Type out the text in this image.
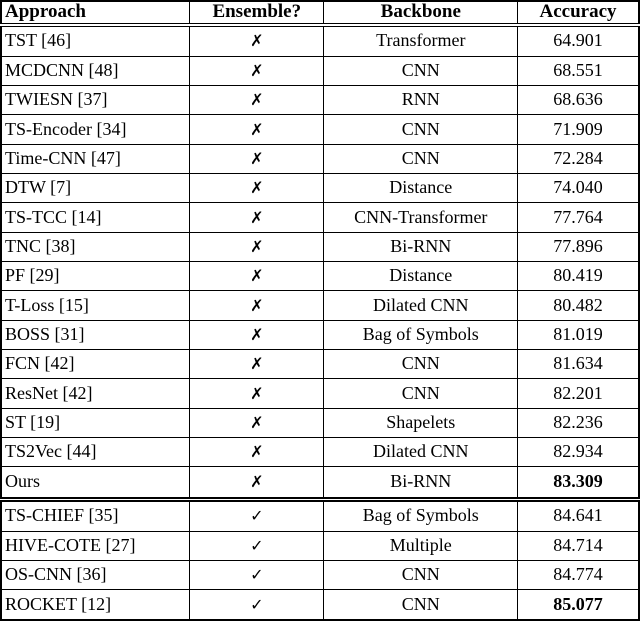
Approach	Ensemble?	Backbone	Accuracy
TST [46]	✗	Transformer	64.901
MCDCNN [48]	✗	CNN	68.551
TWIESN [37]	✗	RNN	68.636
TS-Encoder [34]	✗	CNN	71.909
Time-CNN [47]	✗	CNN	72.284
DTW [7]	✗	Distance	74.040
TS-TCC [14]	✗	CNN-Transformer	77.764
TNC [38]	✗	Bi-RNN	77.896
PF [29]	✗	Distance	80.419
T-Loss [15]	✗	Dilated CNN	80.482
BOSS [31]	✗	Bag of Symbols	81.019
FCN [42]	✗	CNN	81.634
ResNet [42]	✗	CNN	82.201
ST [19]	✗	Shapelets	82.236
TS2Vec [44]	✗	Dilated CNN	82.934
Ours	✗	Bi-RNN	83.309
TS-CHIEF [35]	✓	Bag of Symbols	84.641
HIVE-COTE [27]	✓	Multiple	84.714
OS-CNN [36]	✓	CNN	84.774
ROCKET [12]	✓	CNN	85.077
